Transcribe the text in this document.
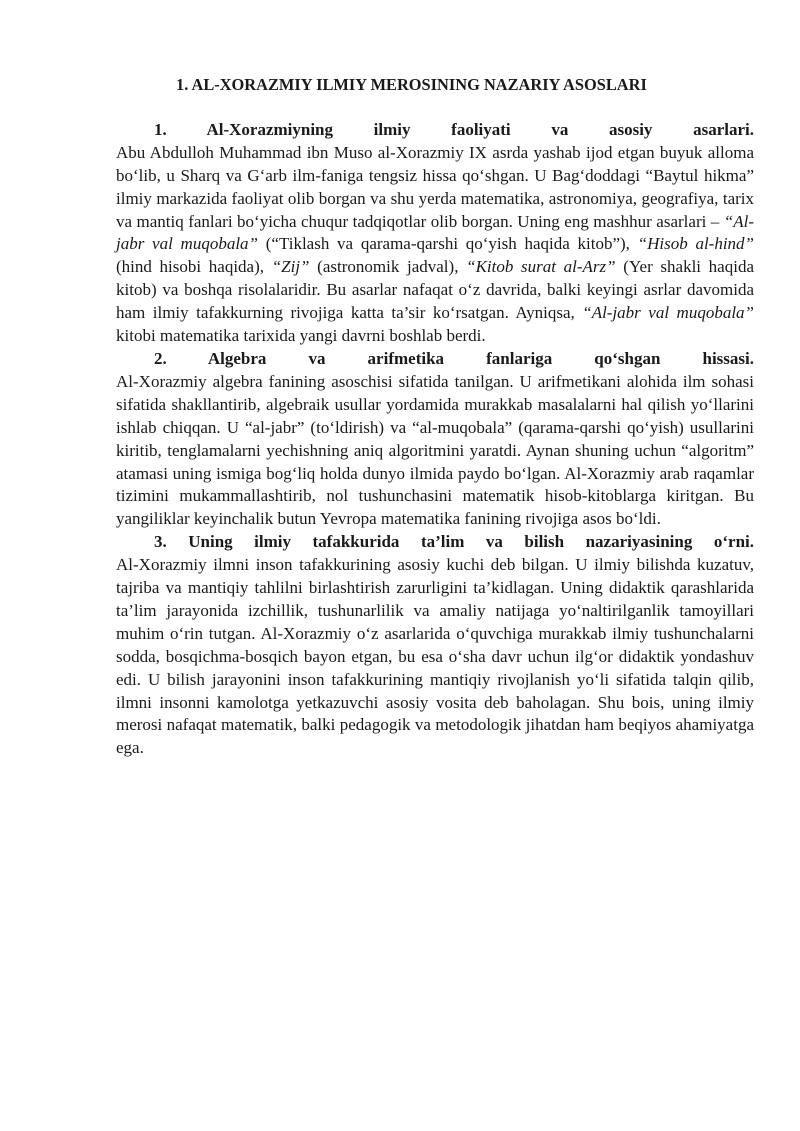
1. AL-XORAZMIY ILMIY MEROSINING NAZARIY ASOSLARI
1. Al-Xorazmiyning ilmiy faoliyati va asosiy asarlari.

Abu Abdulloh Muhammad ibn Muso al-Xorazmiy IX asrda yashab ijod etgan buyuk alloma bo‘lib, u Sharq va G‘arb ilm-faniga tengsiz hissa qo‘shgan. U Bag‘doddagi “Baytul hikma” ilmiy markazida faoliyat olib borgan va shu yerda matematika, astronomiya, geografiya, tarix va mantiq fanlari bo‘yicha chuqur tadqiqotlar olib borgan. Uning eng mashhur asarlari – “Al-jabr val muqobala” (“Tiklash va qarama-qarshi qo‘yish haqida kitob”), “Hisob al-hind” (hind hisobi haqida), “Zij” (astronomik jadval), “Kitob surat al-Arz” (Yer shakli haqida kitob) va boshqa risolalaridir. Bu asarlar nafaqat o‘z davrida, balki keyingi asrlar davomida ham ilmiy tafakkurning rivojiga katta ta’sir ko‘rsatgan. Ayniqsa, “Al-jabr val muqobala” kitobi matematika tarixida yangi davrni boshlab berdi.

2. Algebra va arifmetika fanlariga qo‘shgan hissasi.

Al-Xorazmiy algebra fanining asoschisi sifatida tanilgan. U arifmetikani alohida ilm sohasi sifatida shakllantirib, algebraik usullar yordamida murakkab masalalarni hal qilish yo‘llarini ishlab chiqqan. U “al-jabr” (to‘ldirish) va “al-muqobala” (qarama-qarshi qo‘yish) usullarini kiritib, tenglamalarni yechishning aniq algoritmini yaratdi. Aynan shuning uchun “algoritm” atamasi uning ismiga bog‘liq holda dunyo ilmida paydo bo‘lgan. Al-Xorazmiy arab raqamlar tizimini mukammallashtirib, nol tushunchasini matematik hisob-kitoblarga kiritgan. Bu yangiliklar keyinchalik butun Yevropa matematika fanining rivojiga asos bo‘ldi.

3. Uning ilmiy tafakkurida ta’lim va bilish nazariyasining o‘rni.

Al-Xorazmiy ilmni inson tafakkurining asosiy kuchi deb bilgan. U ilmiy bilishda kuzatuv, tajriba va mantiqiy tahlilni birlashtirish zarurligini ta’kidlagan. Uning didaktik qarashlarida ta’lim jarayonida izchillik, tushunarlilik va amaliy natijaga yo‘naltirilganlik tamoyillari muhim o‘rin tutgan. Al-Xorazmiy o‘z asarlarida o‘quvchiga murakkab ilmiy tushunchalarni sodda, bosqichma-bosqich bayon etgan, bu esa o‘sha davr uchun ilg‘or didaktik yondashuv edi. U bilish jarayonini inson tafakkurining mantiqiy rivojlanish yo‘li sifatida talqin qilib, ilmni insonni kamolotga yetkazuvchi asosiy vosita deb baholagan. Shu bois, uning ilmiy merosi nafaqat matematik, balki pedagogik va metodologik jihatdan ham beqiyos ahamiyatga ega.
